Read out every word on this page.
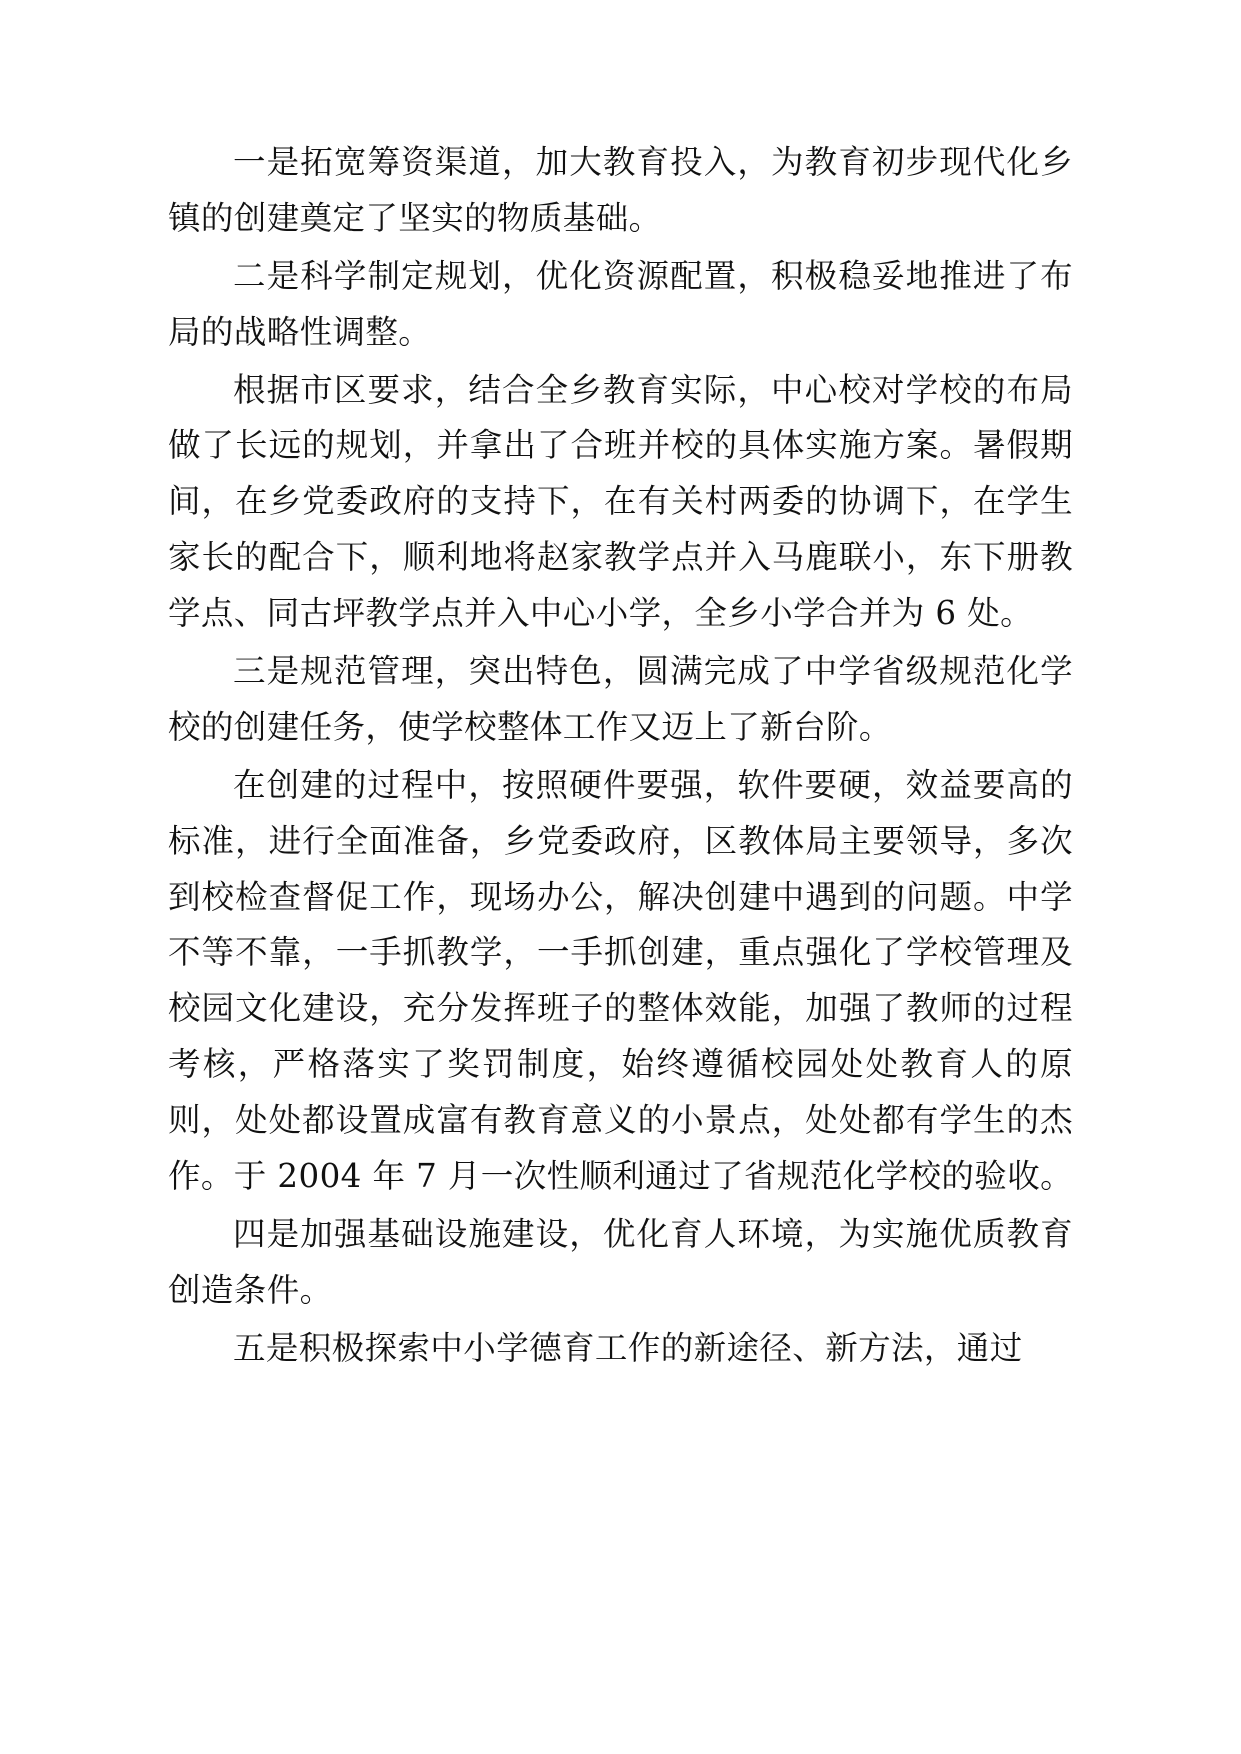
一是拓宽筹资渠道，加大教育投入，为教育初步现代化乡镇的创建奠定了坚实的物质基础。

二是科学制定规划，优化资源配置，积极稳妥地推进了布局的战略性调整。

根据市区要求，结合全乡教育实际，中心校对学校的布局做了长远的规划，并拿出了合班并校的具体实施方案。暑假期间，在乡党委政府的支持下，在有关村两委的协调下，在学生家长的配合下，顺利地将赵家教学点并入马鹿联小，东下册教学点、同古坪教学点并入中心小学，全乡小学合并为 6 处。

三是规范管理，突出特色，圆满完成了中学省级规范化学校的创建任务，使学校整体工作又迈上了新台阶。

在创建的过程中，按照硬件要强，软件要硬，效益要高的标准，进行全面准备，乡党委政府，区教体局主要领导，多次到校检查督促工作，现场办公，解决创建中遇到的问题。中学不等不靠，一手抓教学，一手抓创建，重点强化了学校管理及校园文化建设，充分发挥班子的整体效能，加强了教师的过程考核，严格落实了奖罚制度，始终遵循校园处处教育人的原则，处处都设置成富有教育意义的小景点，处处都有学生的杰作。于 2004 年 7 月一次性顺利通过了省规范化学校的验收。

四是加强基础设施建设，优化育人环境，为实施优质教育创造条件。

五是积极探索中小学德育工作的新途径、新方法，通过
